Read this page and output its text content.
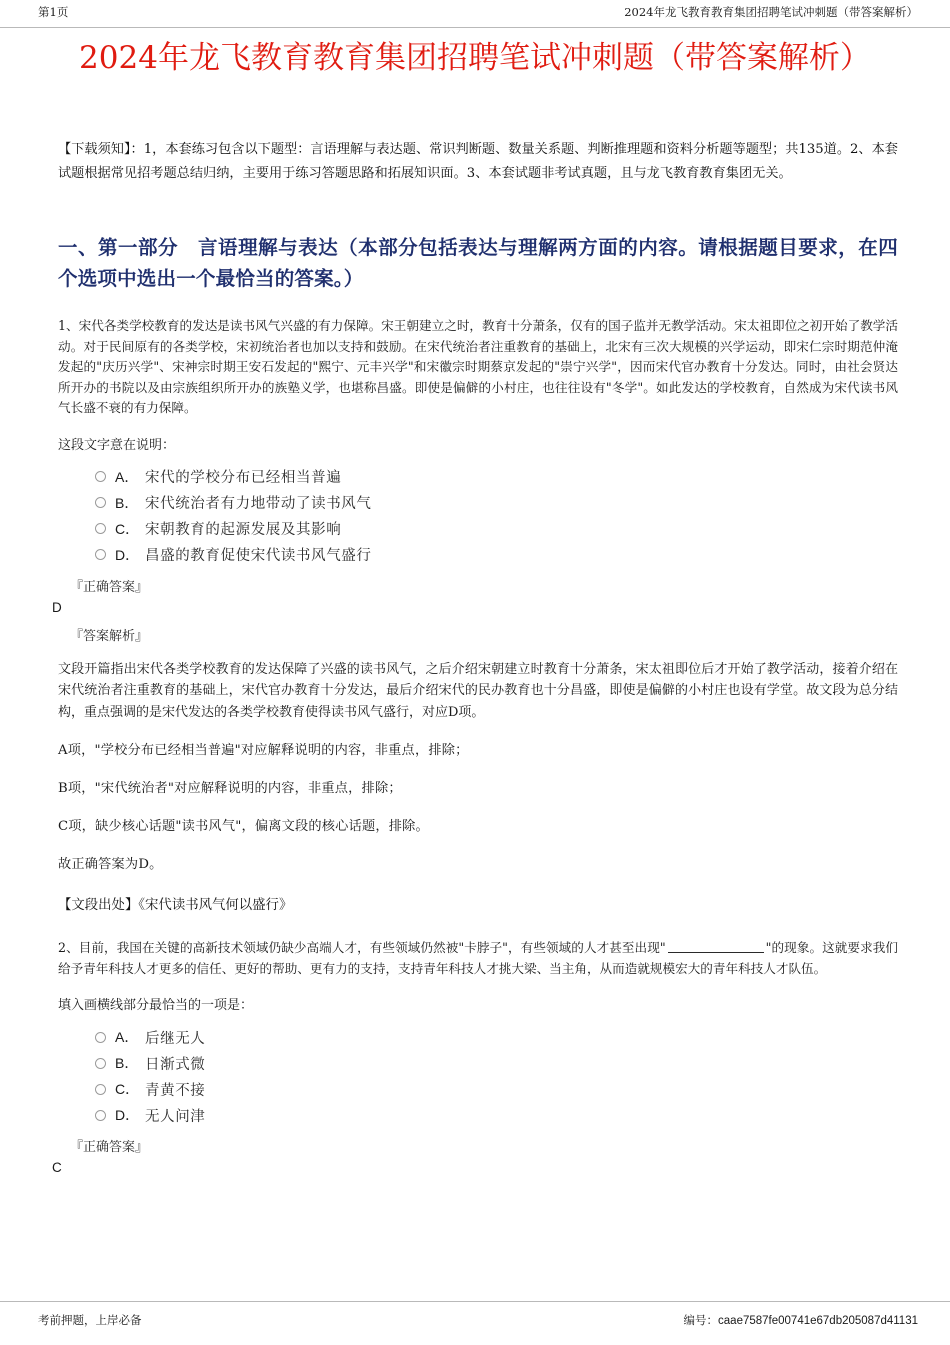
第1页	2024年龙飞教育教育集团招聘笔试冲刺题（带答案解析）
2024年龙飞教育教育集团招聘笔试冲刺题（带答案解析）

【下载须知】：1，本套练习包含以下题型：言语理解与表达题、常识判断题、数量关系题、判断推理题和资料分析题等题型；共135道。2、本套试题根据常见招考题总结归纳，主要用于练习答题思路和拓展知识面。3、本套试题非考试真题，且与龙飞教育教育集团无关。

一、第一部分　言语理解与表达（本部分包括表达与理解两方面的内容。请根据题目要求，在四个选项中选出一个最恰当的答案。）

1、宋代各类学校教育的发达是读书风气兴盛的有力保障。宋王朝建立之时，教育十分萧条，仅有的国子监并无教学活动。宋太祖即位之初开始了教学活动。对于民间原有的各类学校，宋初统治者也加以支持和鼓励。在宋代统治者注重教育的基础上，北宋有三次大规模的兴学运动，即宋仁宗时期范仲淹发起的"庆历兴学"、宋神宗时期王安石发起的"熙宁、元丰兴学"和宋徽宗时期蔡京发起的"崇宁兴学"，因而宋代官办教育十分发达。同时，由社会贤达所开办的书院以及由宗族组织所开办的族塾义学，也堪称昌盛。即使是偏僻的小村庄，也往往设有"冬学"。如此发达的学校教育，自然成为宋代读书风气长盛不衰的有力保障。

这段文字意在说明：

A． 宋代的学校分布已经相当普遍
B． 宋代统治者有力地带动了读书风气
C． 宋朝教育的起源发展及其影响
D． 昌盛的教育促使宋代读书风气盛行

『正确答案』

D

『答案解析』

文段开篇指出宋代各类学校教育的发达保障了兴盛的读书风气，之后介绍宋朝建立时教育十分萧条，宋太祖即位后才开始了教学活动，接着介绍在宋代统治者注重教育的基础上，宋代官办教育十分发达，最后介绍宋代的民办教育也十分昌盛，即使是偏僻的小村庄也设有学堂。故文段为总分结构，重点强调的是宋代发达的各类学校教育使得读书风气盛行，对应D项。

A项，"学校分布已经相当普遍"对应解释说明的内容，非重点，排除；

B项，"宋代统治者"对应解释说明的内容，非重点，排除；

C项，缺少核心话题"读书风气"，偏离文段的核心话题，排除。

故正确答案为D。

【文段出处】《宋代读书风气何以盛行》

2、目前，我国在关键的高新技术领域仍缺少高端人才，有些领域仍然被"卡脖子"，有些领域的人才甚至出现"	"的现象。这就要求我们给予青年科技人才更多的信任、更好的帮助、更有力的支持，支持青年科技人才挑大梁、当主角，从而造就规模宏大的青年科技人才队伍。

填入画横线部分最恰当的一项是：

A． 后继无人
B． 日渐式微
C． 青黄不接
D． 无人问津

『正确答案』

C

考前押题，上岸必备	编号：caae7587fe00741e67db205087d41131
